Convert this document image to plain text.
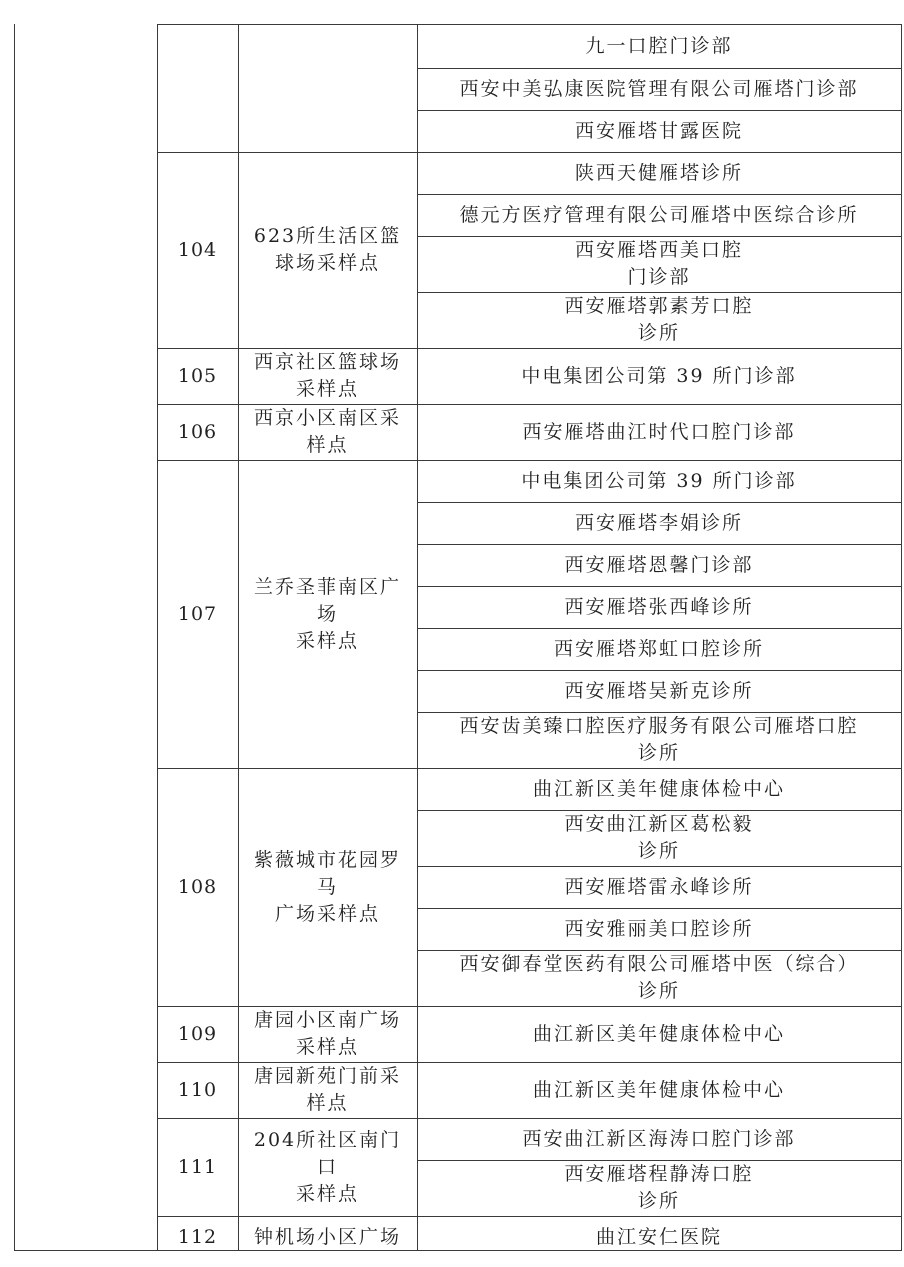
九一口腔门诊部
西安中美弘康医院管理有限公司雁塔门诊部
西安雁塔甘露医院
104
623所生活区篮
球场采样点
陕西天健雁塔诊所
德元方医疗管理有限公司雁塔中医综合诊所
西安雁塔西美口腔
门诊部
西安雁塔郭素芳口腔
诊所
105
西京社区篮球场
采样点
中电集团公司第 39 所门诊部
106
西京小区南区采
样点
西安雁塔曲江时代口腔门诊部
107
兰乔圣菲南区广
场
采样点
中电集团公司第 39 所门诊部
西安雁塔李娟诊所
西安雁塔恩馨门诊部
西安雁塔张西峰诊所
西安雁塔郑虹口腔诊所
西安雁塔吴新克诊所
西安齿美臻口腔医疗服务有限公司雁塔口腔
诊所
108
紫薇城市花园罗
马
广场采样点
曲江新区美年健康体检中心
西安曲江新区葛松毅
诊所
西安雁塔雷永峰诊所
西安雅丽美口腔诊所
西安御春堂医药有限公司雁塔中医（综合）
诊所
109
唐园小区南广场
采样点
曲江新区美年健康体检中心
110
唐园新苑门前采
样点
曲江新区美年健康体检中心
111
204所社区南门
口
采样点
西安曲江新区海涛口腔门诊部
西安雁塔程静涛口腔
诊所
112	钟机场小区广场	曲江安仁医院
